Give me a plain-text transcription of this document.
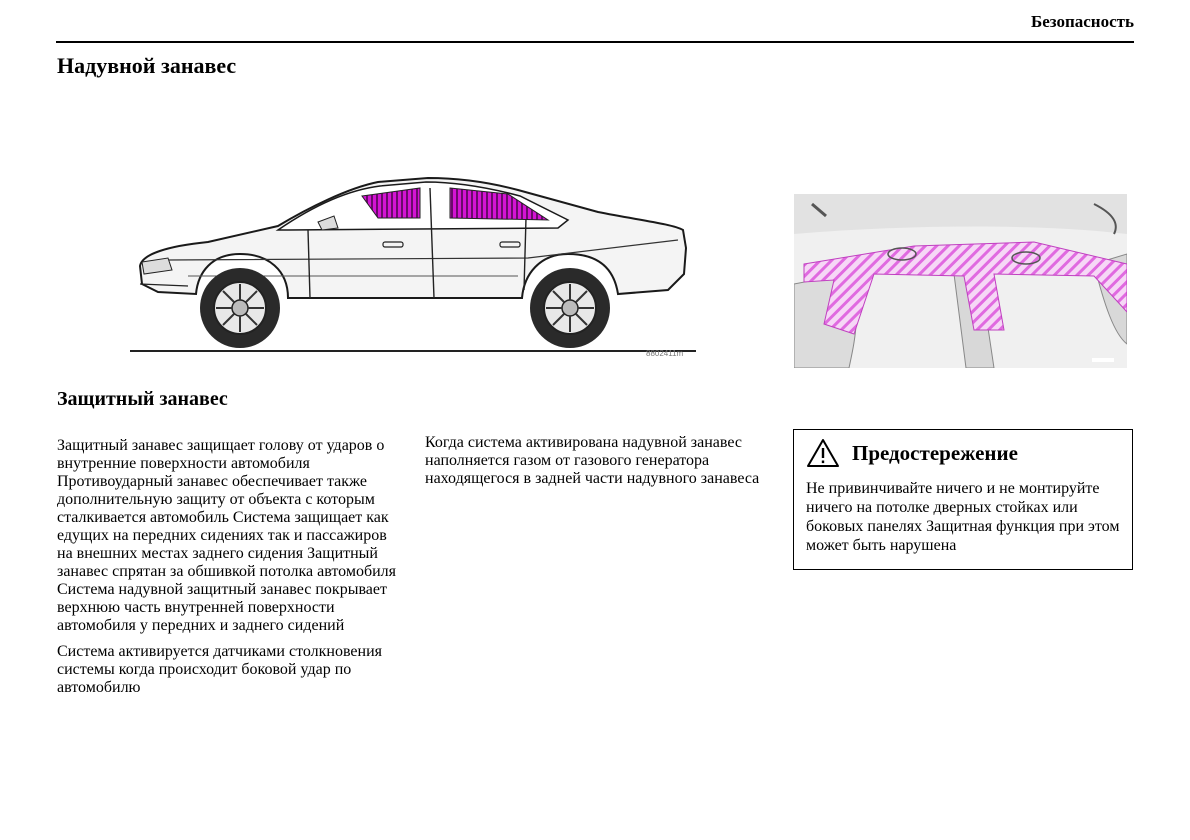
Безопасность
Надувной занавес
8802411m
Защитный занавес

Защитный занавес защищает голову от ударов о внутренние поверхности автомобиля Противоударный занавес обеспечивает также дополнительную защиту от объекта с которым сталкивается автомобиль Система защищает как едущих на передних сидениях так и пассажиров на внешних местах заднего сидения Защитный занавес спрятан за обшивкой потолка автомобиля Система надувной защитный занавес покрывает верхнюю часть внутренней поверхности автомобиля у передних и заднего сидений

Система активируется датчиками столкновения системы когда происходит боковой удар по автомобилю

Когда система активирована надувной занавес наполняется газом от газового генератора находящегося в задней части надувного занавеса

Предостережение

Не привинчивайте ничего и не монтируйте ничего на потолке дверных стойках или боковых панелях Защитная функция при этом может быть нарушена
